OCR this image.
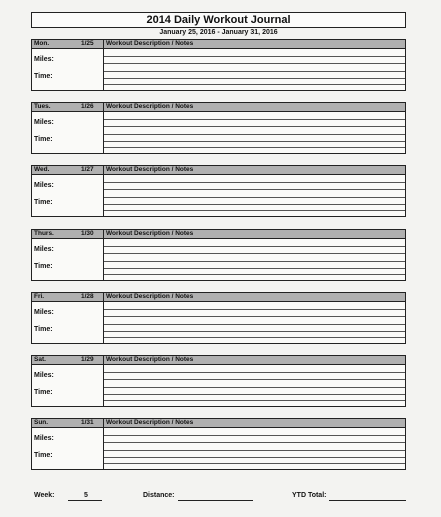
2014 Daily Workout Journal
January 25, 2016 - January 31, 2016
Mon.	1/25	Workout Description / Notes
Miles:
Time:
Tues.	1/26	Workout Description / Notes
Miles:
Time:
Wed.	1/27	Workout Description / Notes
Miles:
Time:
Thurs.	1/30	Workout Description / Notes
Miles:
Time:
Fri.	1/28	Workout Description / Notes
Miles:
Time:
Sat.	1/29	Workout Description / Notes
Miles:
Time:
Sun.	1/31	Workout Description / Notes
Miles:
Time:
Week:	5	Distance:	YTD Total:
